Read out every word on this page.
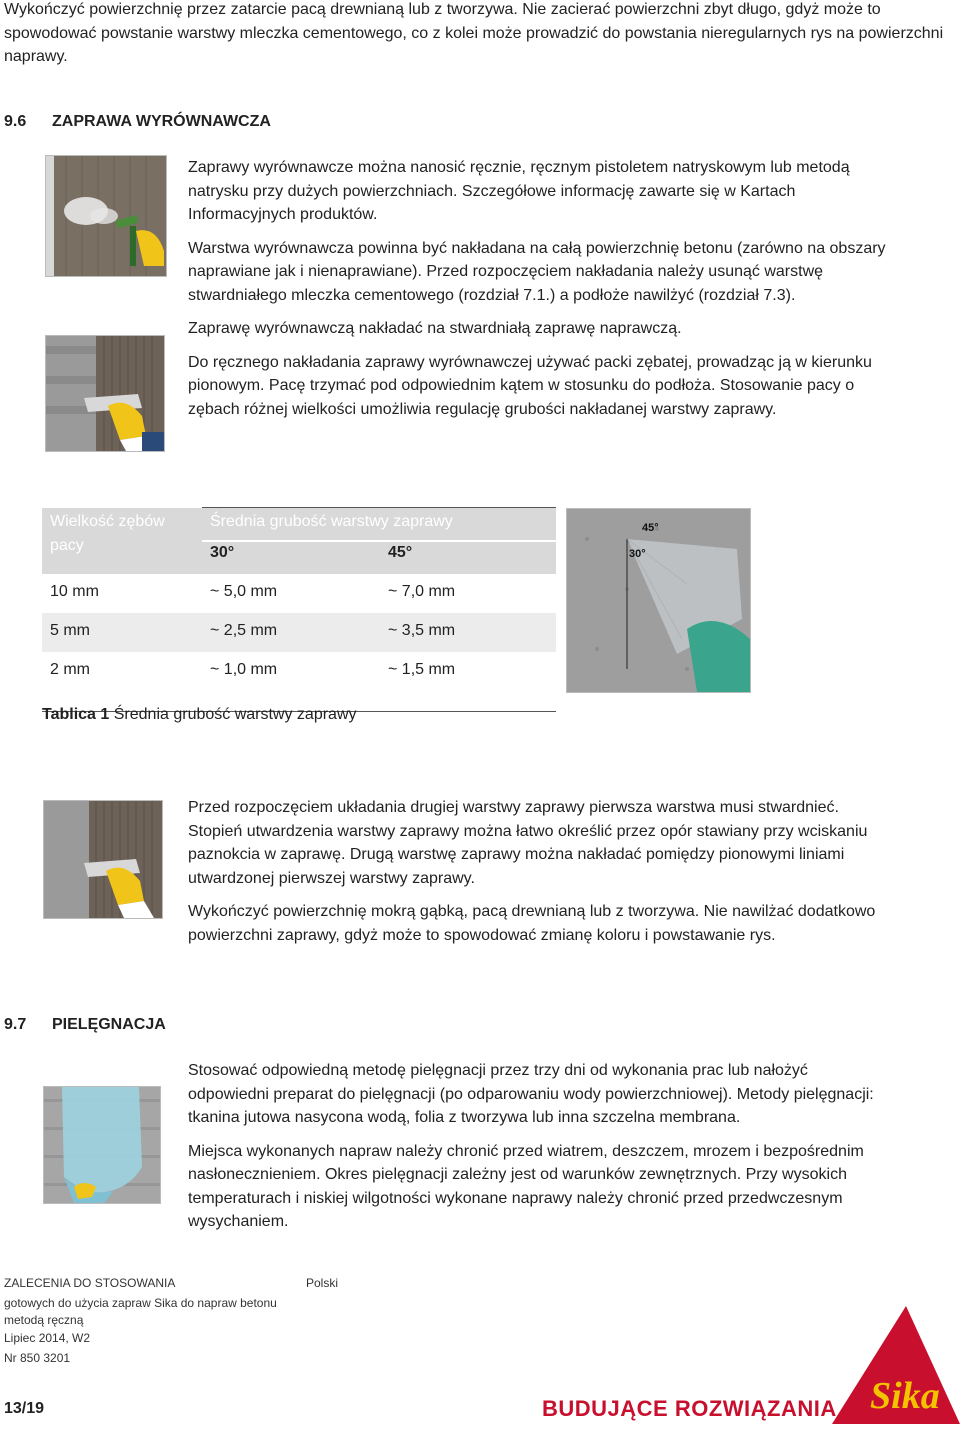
Wykończyć powierzchnię przez zatarcie pacą drewnianą lub z tworzywa. Nie zacierać powierzchni zbyt długo, gdyż może to spowodować powstanie warstwy mleczka cementowego, co z kolei może prowadzić do powstania nieregularnych rys na powierzchni naprawy.

9.6 ZAPRAWA WYRÓWNAWCZA

Zaprawy wyrównawcze można nanosić ręcznie, ręcznym pistoletem natryskowym lub metodą natrysku przy dużych powierzchniach. Szczegółowe informację zawarte się w Kartach Informacyjnych produktów.

Warstwa wyrównawcza powinna być nakładana na całą powierzchnię betonu (zarówno na obszary naprawiane jak i nienaprawiane). Przed rozpoczęciem nakładania należy usunąć warstwę stwardniałego mleczka cementowego (rozdział 7.1.) a podłoże nawilżyć (rozdział 7.3).

Zaprawę wyrównawczą nakładać na stwardniałą zaprawę naprawczą.

Do ręcznego nakładania zaprawy wyrównawczej używać packi zębatej, prowadząc ją w kierunku pionowym. Pacę trzymać pod odpowiednim kątem w stosunku do podłoża. Stosowanie pacy o zębach różnej wielkości umożliwia regulację grubości nakładanej warstwy zaprawy.

Wielkość zębów pacy
Średnia grubość warstwy zaprawy
30°	45°
10 mm	~ 5,0 mm	~ 7,0 mm
5 mm	~ 2,5 mm	~ 3,5 mm
2 mm	~ 1,0 mm	~ 1,5 mm
45°
30°
Tablica 1 Średnia grubość warstwy zaprawy

Przed rozpoczęciem układania drugiej warstwy zaprawy pierwsza warstwa musi stwardnieć. Stopień utwardzenia warstwy zaprawy można łatwo określić przez opór stawiany przy wciskaniu paznokcia w zaprawę. Drugą warstwę zaprawy można nakładać pomiędzy pionowymi liniami utwardzonej pierwszej warstwy zaprawy.

Wykończyć powierzchnię mokrą gąbką, pacą drewnianą lub z tworzywa. Nie nawilżać dodatkowo powierzchni zaprawy, gdyż może to spowodować zmianę koloru i powstawanie rys.

9.7 PIELĘGNACJA

Stosować odpowiedną metodę pielęgnacji przez trzy dni od wykonania prac lub nałożyć odpowiedni preparat do pielęgnacji (po odparowaniu wody powierzchniowej). Metody pielęgnacji: tkanina jutowa nasycona wodą, folia z tworzywa lub inna szczelna membrana.

Miejsca wykonanych napraw należy chronić przed wiatrem, deszczem, mrozem i bezpośrednim nasłonecznieniem. Okres pielęgnacji zależny jest od warunków zewnętrznych. Przy wysokich temperaturach i niskiej wilgotności wykonane naprawy należy chronić przed przedwczesnym wysychaniem.

ZALECENIA DO STOSOWANIA	Polski
gotowych do użycia zapraw Sika do napraw betonu
metodą ręczną
Lipiec 2014, W2
Nr 850 3201
13/19	BUDUJĄCE ROZWIĄZANIA Sika
